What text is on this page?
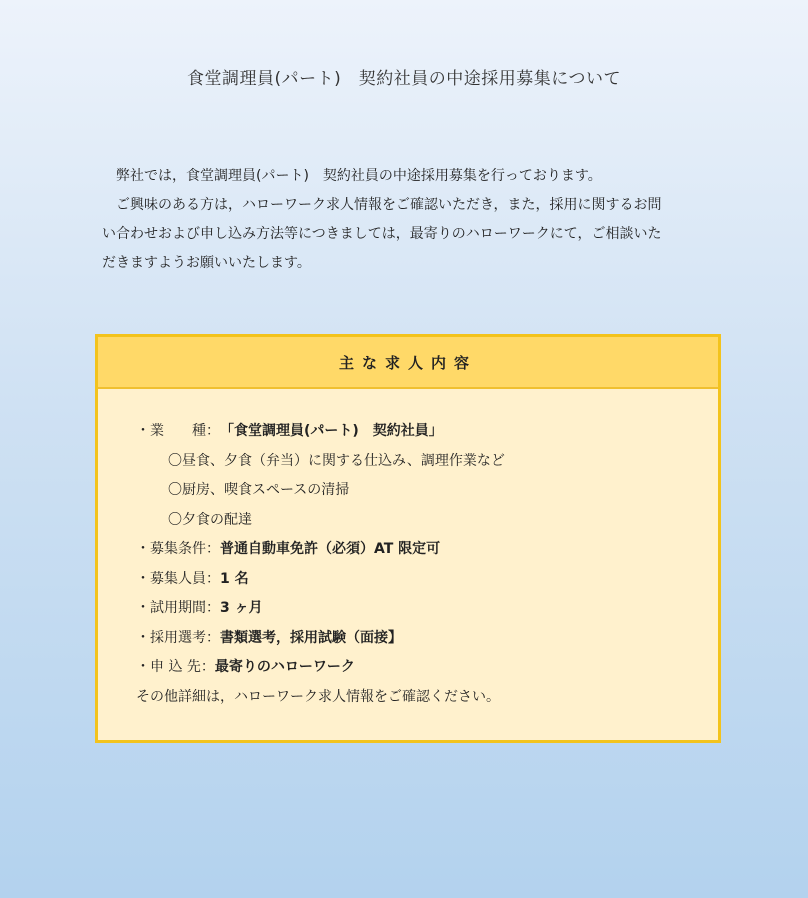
食堂調理員(パート)　契約社員の中途採用募集について

弊社では，食堂調理員(パート)　契約社員の中途採用募集を行っております。

ご興味のある方は，ハローワーク求人情報をご確認いただき，また，採用に関するお問

い合わせおよび申し込み方法等につきましては，最寄りのハローワークにて，ご相談いた
だきますようお願いいたします。
主な求人内容
・業　　種：「食堂調理員(パート)　契約社員」
〇昼食、夕食（弁当）に関する仕込み、調理作業など
〇厨房、喫食スペースの清掃
〇夕食の配達
・募集条件：普通自動車免許（必須）AT 限定可
・募集人員：1 名
・試用期間：3 ヶ月
・採用選考：書類選考，採用試験（面接】
・申 込 先：最寄りのハローワーク
その他詳細は，ハローワーク求人情報をご確認ください。
